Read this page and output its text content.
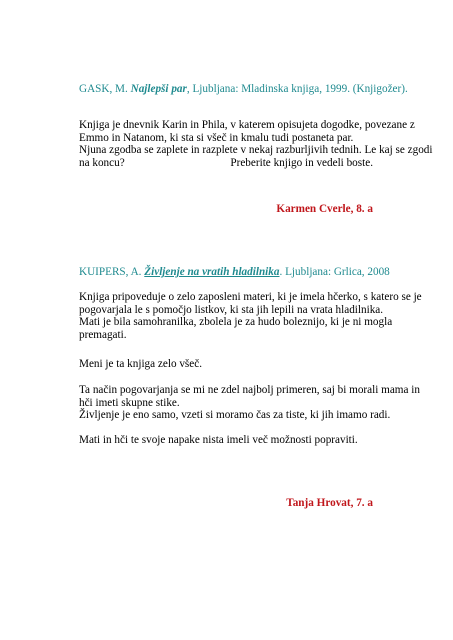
GASK, M. Najlepši par, Ljubljana: Mladinska knjiga, 1999. (Knjigožer).
Knjiga je dnevnik Karin in Phila, v katerem opisujeta dogodke, povezane z
Emmo in Natanom, ki sta si všeč in kmalu tudi postaneta par.
Njuna zgodba se zaplete in razplete v nekaj razburljivih tednih. Le kaj se zgodi
na koncu?	Preberite knjigo in vedeli boste.
Karmen Cverle, 8. a
KUIPERS, A. Življenje na vratih hladilnika. Ljubljana: Grlica, 2008
Knjiga pripoveduje o zelo zaposleni materi, ki je imela hčerko, s katero se je
pogovarjala le s pomočjo listkov, ki sta jih lepili na vrata hladilnika.
Mati je bila samohranilka, zbolela je za hudo boleznijo, ki je ni mogla
premagati.
Meni je ta knjiga zelo všeč.
Ta način pogovarjanja se mi ne zdel najbolj primeren, saj bi morali mama in
hči imeti skupne stike.
Življenje je eno samo, vzeti si moramo čas za tiste, ki jih imamo radi.
Mati in hči te svoje napake nista imeli več možnosti popraviti.
Tanja Hrovat, 7. a
